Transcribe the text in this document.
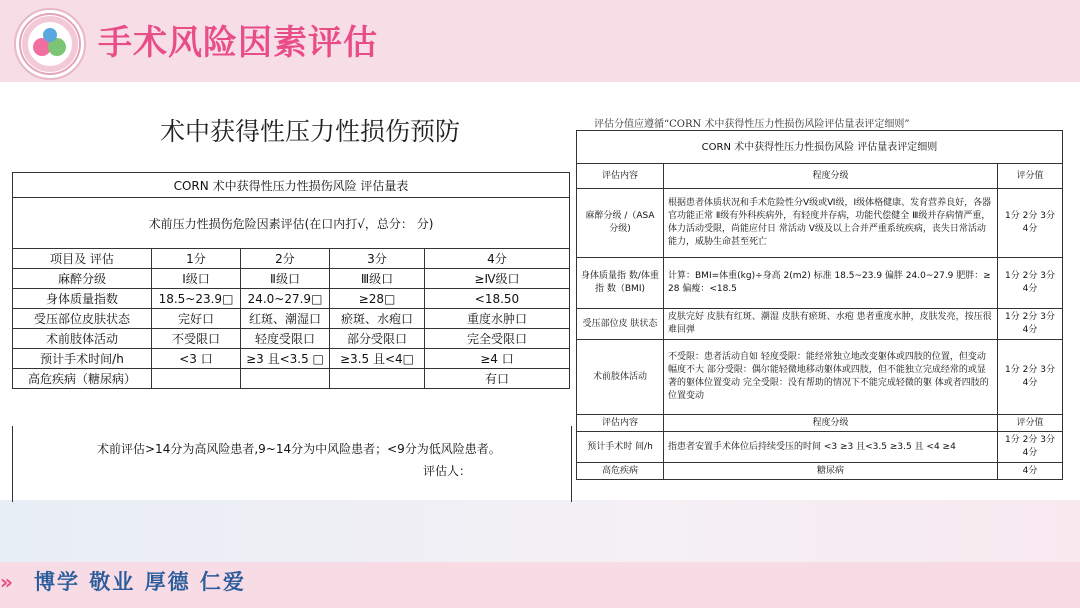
手术风险因素评估
»	博学 敬业 厚德 仁爱
术中获得性压力性损伤预防
CORN 术中获得性压力性损伤风险 评估量表				
术前压力性损伤危险因素评估(在口内打√，总分： 分)				
项目及 评估	1分	2分	3分	4分
麻醉分级	Ⅰ级口	Ⅱ级口	Ⅲ级口	≥Ⅳ级口
身体质量指数	18.5~23.9□	24.0~27.9□	≥28□	<18.50
受压部位皮肤状态	完好口	红斑、潮湿口	瘀斑、水疱口	重度水肿口
术前肢体活动	不受限口	轻度受限口	部分受限口	完全受限口
预计手术时间/h	<3 口	≥3 且<3.5 □	≥3.5 且<4□	≥4 口
高危疾病（糖尿病）				有口
术前评估>14分为高风险患者,9~14分为中风险患者；<9分为低风险患者。
评估人：
评估分值应遵循“CORN 术中获得性压力性损伤风险评估量表评定细则”
CORN 术中获得性压力性损伤风险 评估量表评定细则		
评估内容	程度分级	评分值
麻醉分级 /（ASA 分级)	根据患者体质状况和手术危险性分Ⅴ级或Ⅵ级，Ⅰ级体格健康、发育营养良好，各器官功能正常 Ⅱ级有外科疾病外，有轻度并存病，功能代偿健全 Ⅲ级并存病情严重，体力活动受限，尚能应付日 常活动 Ⅴ级及以上合并严重系统疾病，丧失日常活动能力，威胁生命甚至死亡	1分 2分 3分 4分
身体质量指 数/体重指 数（BMI)	计算：BMI=体重(kg)÷身高 2(m2) 标准 18.5~23.9 偏胖 24.0~27.9 肥胖：≥ 28 偏瘦：<18.5	1分 2分 3分 4分
受压部位皮 肤状态	皮肤完好 皮肤有红斑、潮湿 皮肤有瘀斑、水疱 患者重度水肿，皮肤发亮，按压很难回弹	1分 2分 3分 4分
术前肢体活动	不受限：患者活动自如 轻度受限：能经常独立地改变躯体或四肢的位置，但变动幅度不大 部分受限：偶尔能轻微地移动躯体或四肢，但不能独立完成经常的或显著的躯体位置变动 完全受限：没有帮助的情况下不能完成轻微的躯 体或者四肢的位置变动	1分 2分 3分 4分
评估内容	程度分级	评分值
预计手术时 间/h	指患者安置手术体位后持续受压的时间 <3 ≥3 且<3.5 ≥3.5 且 <4 ≥4	1分 2分 3分 4分
高危疾病	糖尿病	4分
